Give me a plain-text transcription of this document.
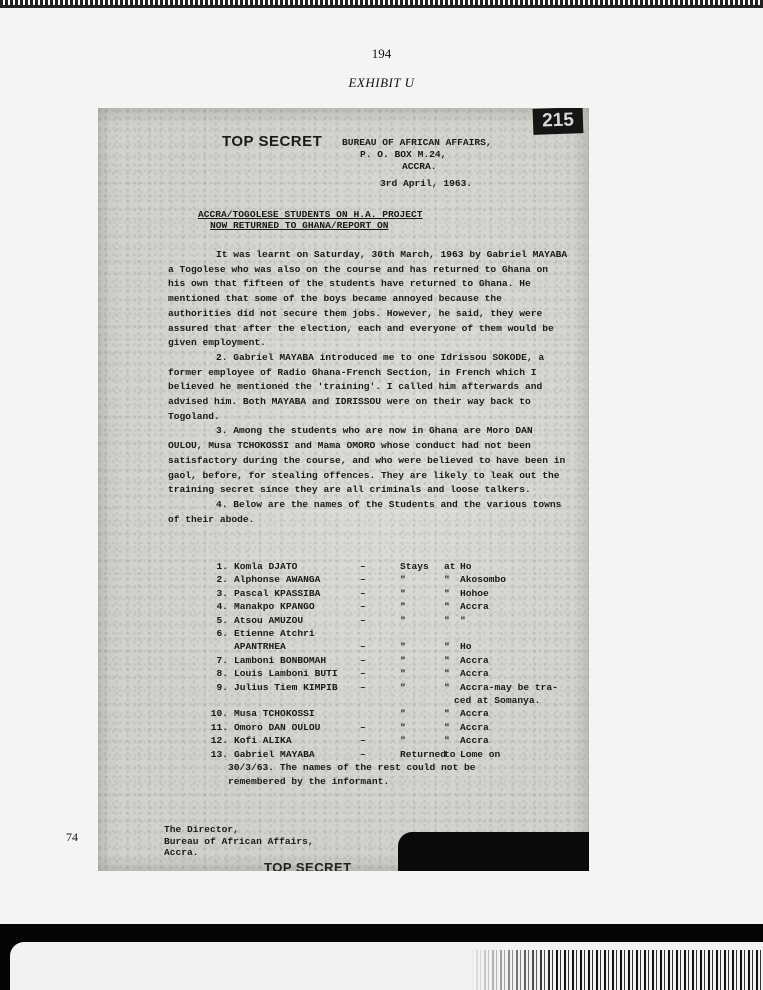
194
EXHIBIT U
74
215
TOP SECRET BUREAU OF AFRICAN AFFAIRS,
P. O. BOX M.24,
ACCRA.
3rd April, 1963.
ACCRA/TOGOLESE STUDENTS ON H.A. PROJECT
NOW RETURNED TO GHANA/REPORT ON

It was learnt on Saturday, 30th March, 1963 by Gabriel MAYABA a Togolese who was also on the course and has returned to Ghana on his own that fifteen of the students have returned to Ghana. He mentioned that some of the boys became annoyed because the authorities did not secure them jobs. However, he said, they were assured that after the election, each and everyone of them would be given employment.

2. Gabriel MAYABA introduced me to one Idrissou SOKODE, a former employee of Radio Ghana-French Section, in French which I believed he mentioned the 'training'. I called him afterwards and advised him. Both MAYABA and IDRISSOU were on their way back to Togoland.

3. Among the students who are now in Ghana are Moro DAN OULOU, Musa TCHOKOSSI and Mama OMORO whose conduct had not been satisfactory during the course, and who were believed to have been in gaol, before, for stealing offences. They are likely to leak out the training secret since they are all criminals and loose talkers.

4. Below are the names of the Students and the various towns of their abode.

1. Komla DJATO	–	Stays	at Ho
2. Alphonse AWANGA	–	"	"	Akosombo
3. Pascal KPASSIBA	–	"	"	Hohoe
4. Manakpo KPANGO	–	"	"	Accra
5. Atsou AMUZOU	–	"	"	"
6. Etienne Atchri
APANTRHEA	–	"	"	Ho
7. Lamboni BONBOMAH	–	"	"	Accra
8. Louis Lamboni BUTI	–	"	"	Accra
9. Julius Tiem KIMPIB	–	"	"	Accra-may be tra-
ced at Somanya.
10. Musa TCHOKOSSI	"	"	Accra
11. Omoro DAN OULOU	–	"	"	Accra
12. Kofi ALIKA	–	"	"	Accra
13. Gabriel MAYABA	–	Returned
to Lome on
30/3/63. The names of the rest could not be
remembered by the informant.
The Director,
Bureau of African Affairs,
Accra.
TOP SECRET
